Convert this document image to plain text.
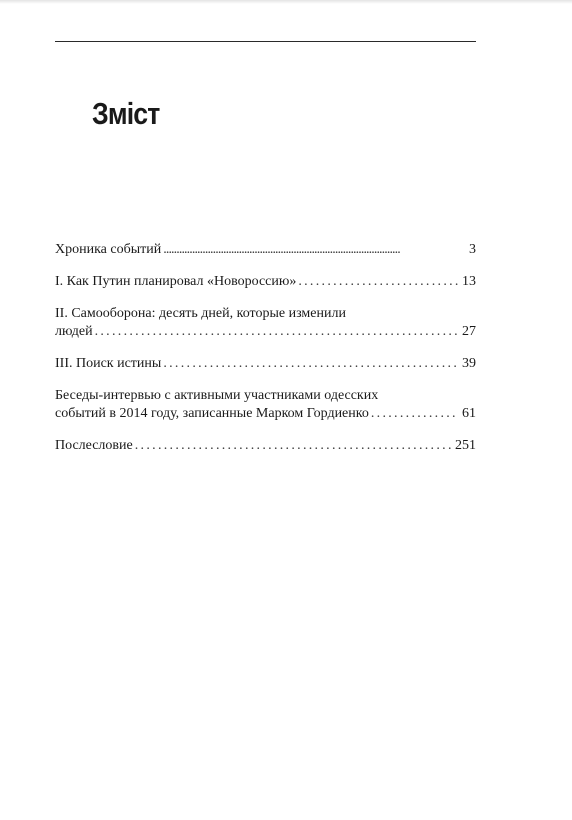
Зміст
Хроника событий . . .	3
I. Как Путин планировал «Новороссию» . . .	13
II. Самооборона: десять дней, которые изменили
людей . . .	27
III. Поиск истины . . .	39
Беседы-интервью с активными участниками одесских
событий в 2014 году, записанные Марком Гордиенко . . .	61
Послесловие . . .	251
